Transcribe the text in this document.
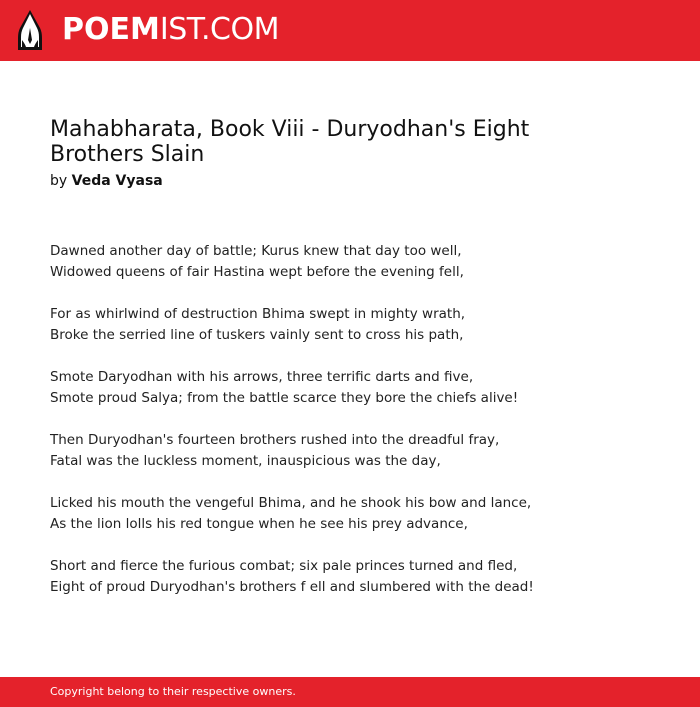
POEMIST.COM
Mahabharata, Book Viii - Duryodhan's Eight Brothers Slain
by Veda Vyasa
Dawned another day of battle; Kurus knew that day too well,
Widowed queens of fair Hastina wept before the evening fell,
For as whirlwind of destruction Bhima swept in mighty wrath,
Broke the serried line of tuskers vainly sent to cross his path,
Smote Daryodhan with his arrows, three terrific darts and five,
Smote proud Salya; from the battle scarce they bore the chiefs alive!
Then Duryodhan's fourteen brothers rushed into the dreadful fray,
Fatal was the luckless moment, inauspicious was the day,
Licked his mouth the vengeful Bhima, and he shook his bow and lance,
As the lion lolls his red tongue when he see his prey advance,
Short and fierce the furious combat; six pale princes turned and fled,
Eight of proud Duryodhan's brothers f ell and slumbered with the dead!
Copyright belong to their respective owners.
